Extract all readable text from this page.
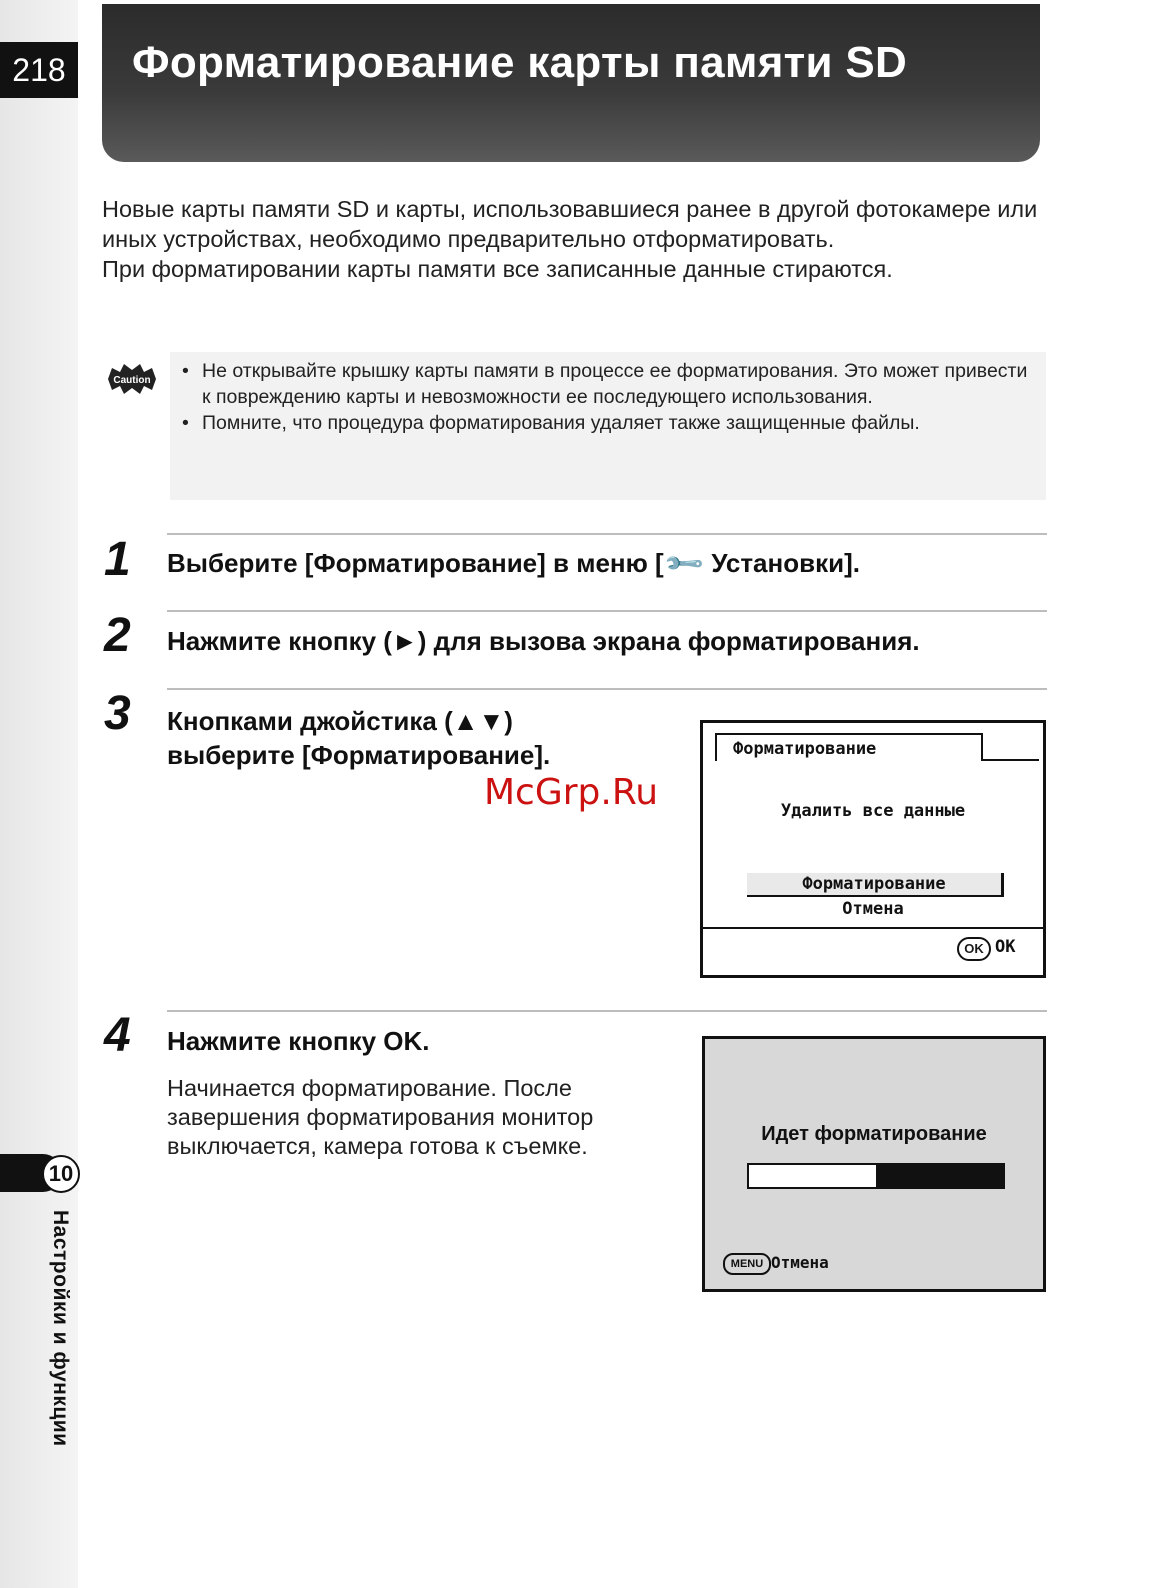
218 Форматирование карты памяти SD

Новые карты памяти SD и карты, использовавшиеся ранее в другой фотокамере или иных устройствах, необходимо предварительно отформатировать.

При форматировании карты памяти все записанные данные стираются.

Caution
•	Не открывайте крышку карты памяти в процессе ее форматирования. Это может привести к повреждению карты и невозможности ее последующего использования.
• Помните, что процедура форматирования удаляет также защищенные файлы.
1 Выберите [Форматирование] в меню [🔧 Установки].
2 Нажмите кнопку (►) для вызова экрана форматирования.
3 Кнопками джойстика (▲▼)
выберите [Форматирование].	Форматирование
Удалить все данные
Форматирование
Отмена
OK OK
McGrp.Ru
4 Нажмите кнопку OK.
Начинается форматирование. После завершения форматирования монитор выключается, камера готова к съемке.	Идет форматирование
MENU Отмена
10
Настройки и функции
